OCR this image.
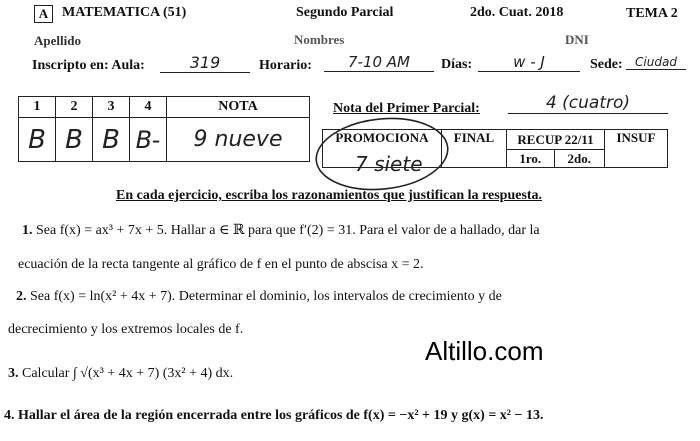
A MATEMATICA (51)	Segundo Parcial	2do. Cuat. 2018	TEMA 2
Apellido	Nombres	DNI
Inscripto en: Aula:	319	Horario:	7-10 AM	Días:	w - J	Sede:	Ciudad
1	2	3	4	NOTA
B	B	B	B-	9 nueve
Nota del Primer Parcial:	4 (cuatro)
PROMOCIONA	FINAL	RECUP 22/11		INSUF
		1ro.	2do.	
7 siete
En cada ejercicio, escriba los razonamientos que justifican la respuesta.
1. Sea f(x) = ax³ + 7x + 5. Hallar a ∈ ℝ para que f′(2) = 31. Para el valor de a hallado, dar la
ecuación de la recta tangente al gráfico de f en el punto de abscisa x = 2.
2. Sea f(x) = ln(x² + 4x + 7). Determinar el dominio, los intervalos de crecimiento y de
decrecimiento y los extremos locales de f.
Altillo.com
3. Calcular ∫ √(x³ + 4x + 7) (3x² + 4) dx.
4. Hallar el área de la región encerrada entre los gráficos de f(x) = −x² + 19 y g(x) = x² − 13.
